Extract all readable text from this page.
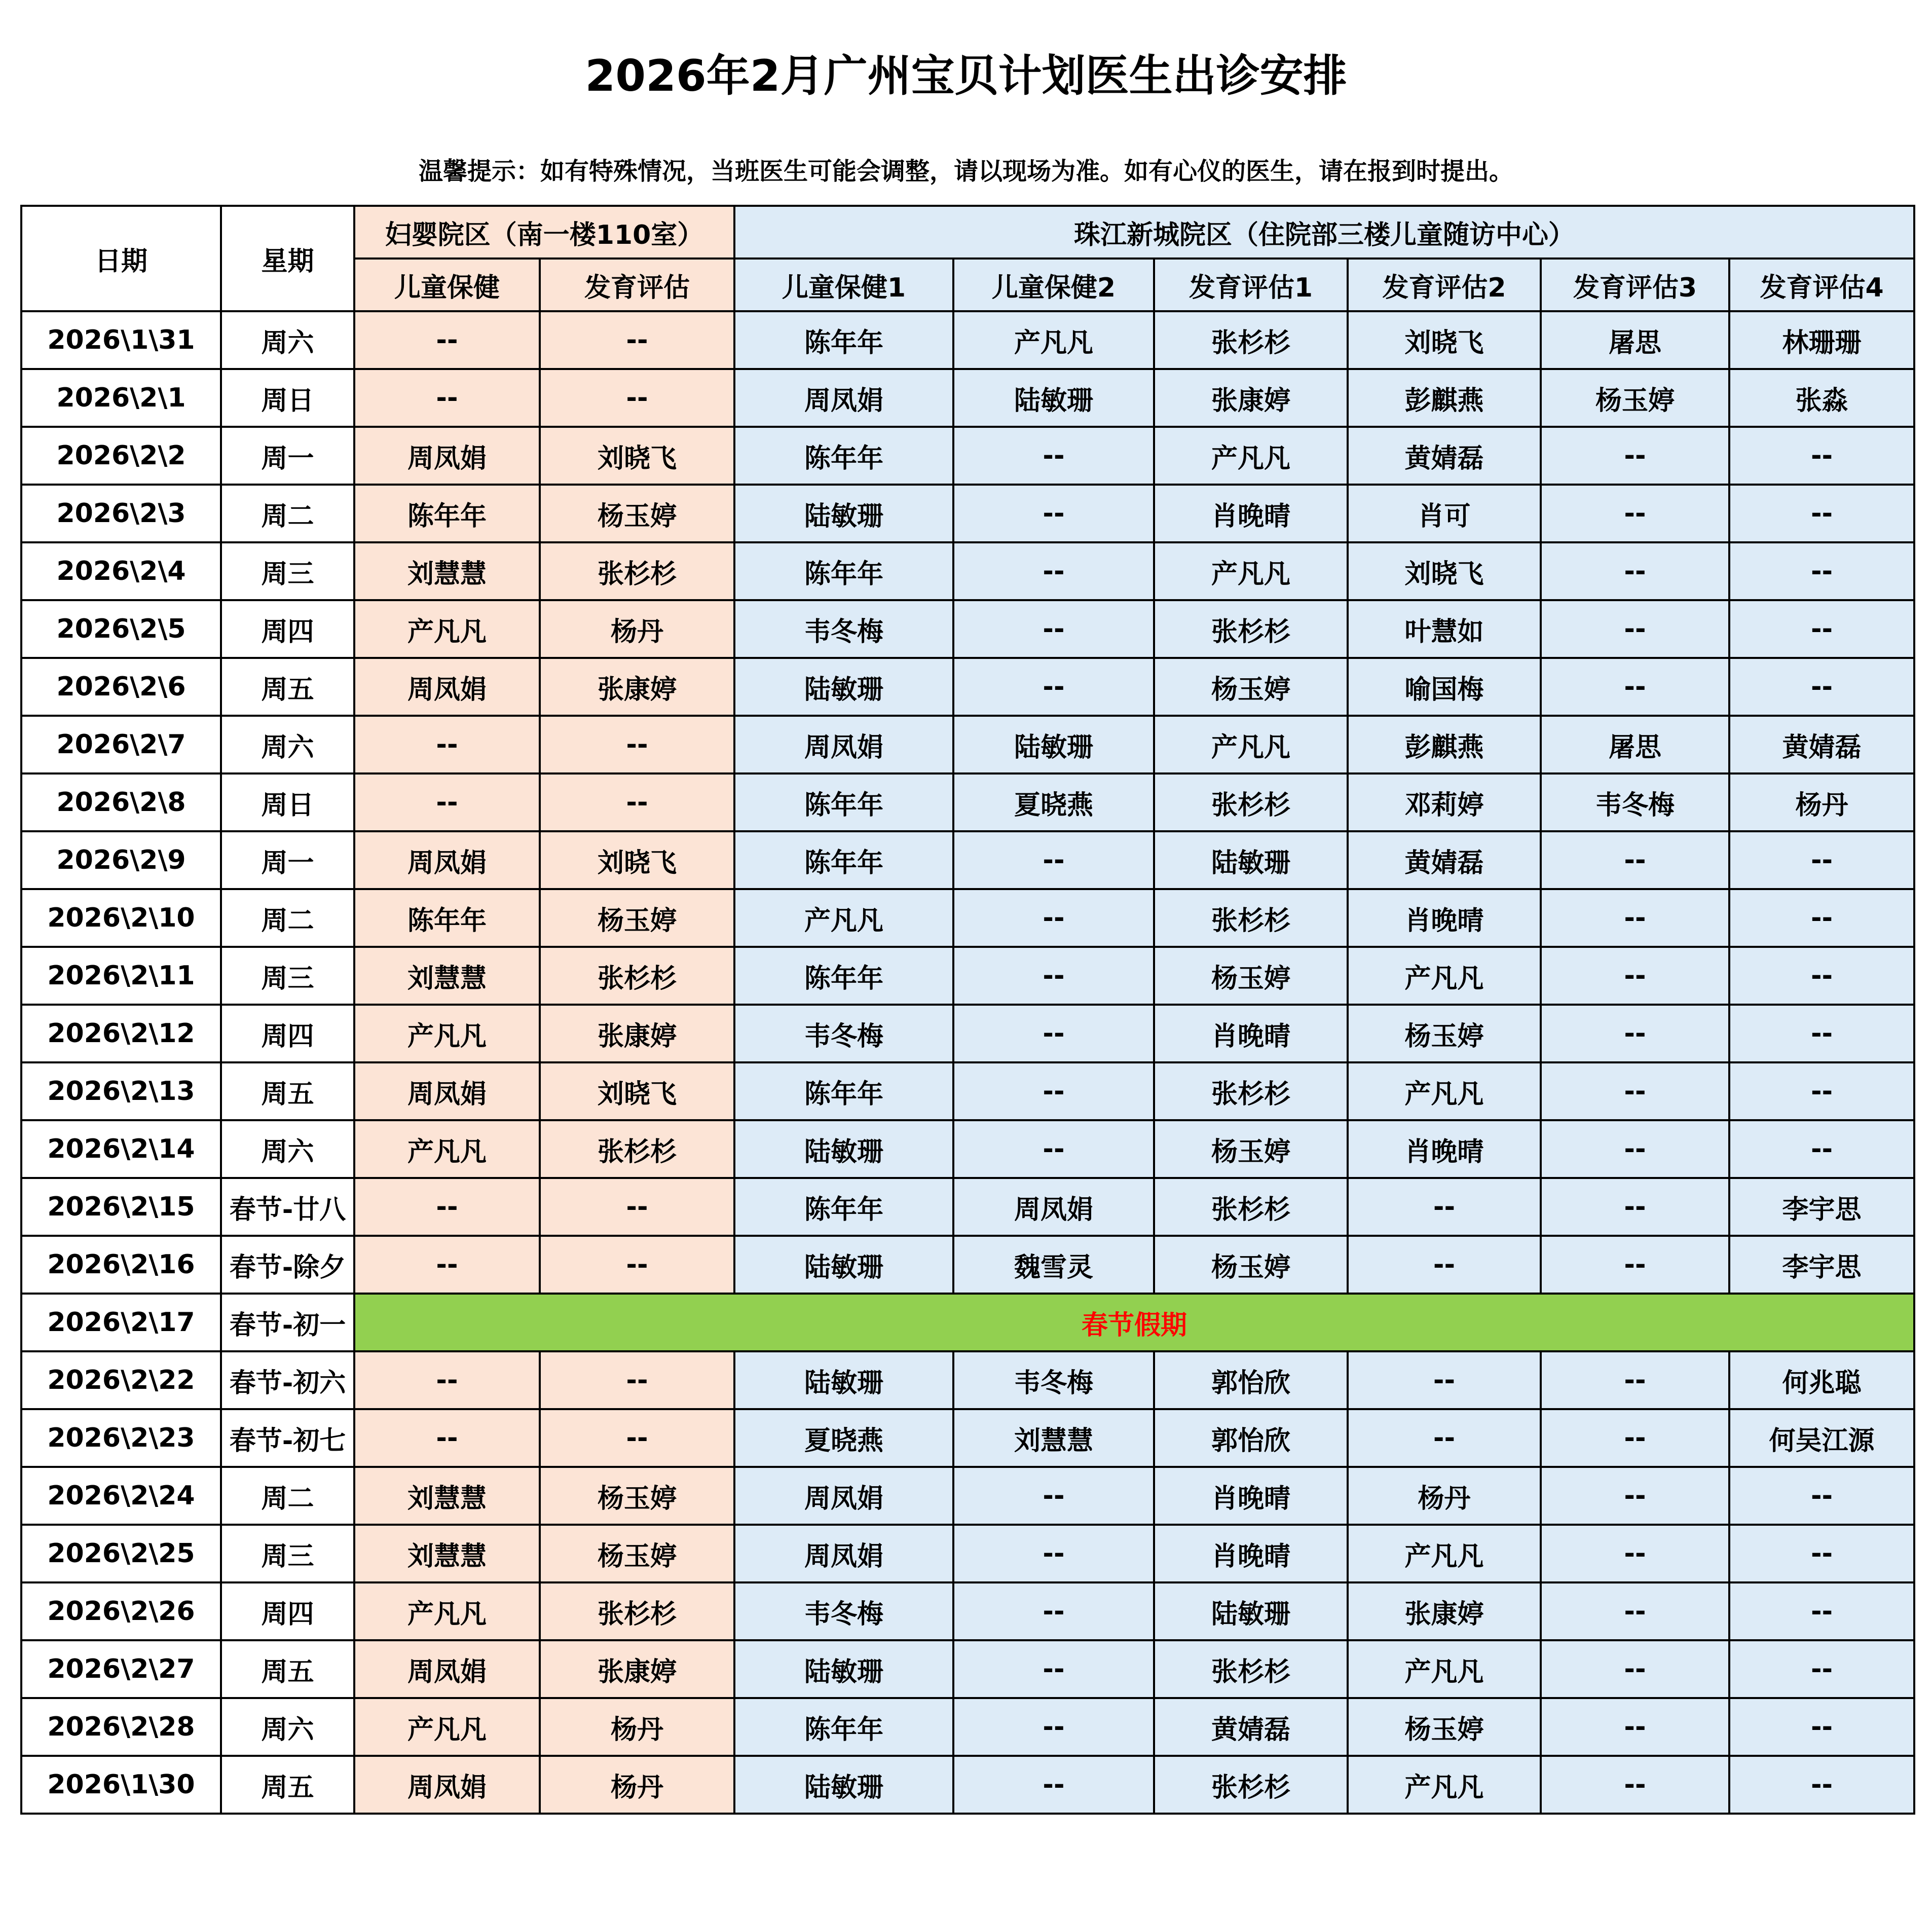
2026年2月广州宝贝计划医生出诊安排
温馨提示：如有特殊情况，当班医生可能会调整，请以现场为准。如有心仪的医生，请在报到时提出。
日期	星期	妇婴院区（南一楼110室）		珠江新城院区（住院部三楼儿童随访中心）					
		儿童保健	发育评估	儿童保健1	儿童保健2	发育评估1	发育评估2	发育评估3	发育评估4
2026\1\31	周六	--	--	陈年年	产凡凡	张杉杉	刘晓飞	屠思	林珊珊
2026\2\1	周日	--	--	周凤娟	陆敏珊	张康婷	彭麒燕	杨玉婷	张淼
2026\2\2	周一	周凤娟	刘晓飞	陈年年	--	产凡凡	黄婧磊	--	--
2026\2\3	周二	陈年年	杨玉婷	陆敏珊	--	肖晚晴	肖可	--	--
2026\2\4	周三	刘慧慧	张杉杉	陈年年	--	产凡凡	刘晓飞	--	--
2026\2\5	周四	产凡凡	杨丹	韦冬梅	--	张杉杉	叶慧如	--	--
2026\2\6	周五	周凤娟	张康婷	陆敏珊	--	杨玉婷	喻国梅	--	--
2026\2\7	周六	--	--	周凤娟	陆敏珊	产凡凡	彭麒燕	屠思	黄婧磊
2026\2\8	周日	--	--	陈年年	夏晓燕	张杉杉	邓莉婷	韦冬梅	杨丹
2026\2\9	周一	周凤娟	刘晓飞	陈年年	--	陆敏珊	黄婧磊	--	--
2026\2\10	周二	陈年年	杨玉婷	产凡凡	--	张杉杉	肖晚晴	--	--
2026\2\11	周三	刘慧慧	张杉杉	陈年年	--	杨玉婷	产凡凡	--	--
2026\2\12	周四	产凡凡	张康婷	韦冬梅	--	肖晚晴	杨玉婷	--	--
2026\2\13	周五	周凤娟	刘晓飞	陈年年	--	张杉杉	产凡凡	--	--
2026\2\14	周六	产凡凡	张杉杉	陆敏珊	--	杨玉婷	肖晚晴	--	--
2026\2\15	春节-廿八	--	--	陈年年	周凤娟	张杉杉	--	--	李宇思
2026\2\16	春节-除夕	--	--	陆敏珊	魏雪灵	杨玉婷	--	--	李宇思
2026\2\17	春节-初一	春节假期							
2026\2\22	春节-初六	--	--	陆敏珊	韦冬梅	郭怡欣	--	--	何兆聪
2026\2\23	春节-初七	--	--	夏晓燕	刘慧慧	郭怡欣	--	--	何吴江源
2026\2\24	周二	刘慧慧	杨玉婷	周凤娟	--	肖晚晴	杨丹	--	--
2026\2\25	周三	刘慧慧	杨玉婷	周凤娟	--	肖晚晴	产凡凡	--	--
2026\2\26	周四	产凡凡	张杉杉	韦冬梅	--	陆敏珊	张康婷	--	--
2026\2\27	周五	周凤娟	张康婷	陆敏珊	--	张杉杉	产凡凡	--	--
2026\2\28	周六	产凡凡	杨丹	陈年年	--	黄婧磊	杨玉婷	--	--
2026\1\30	周五	周凤娟	杨丹	陆敏珊	--	张杉杉	产凡凡	--	--
